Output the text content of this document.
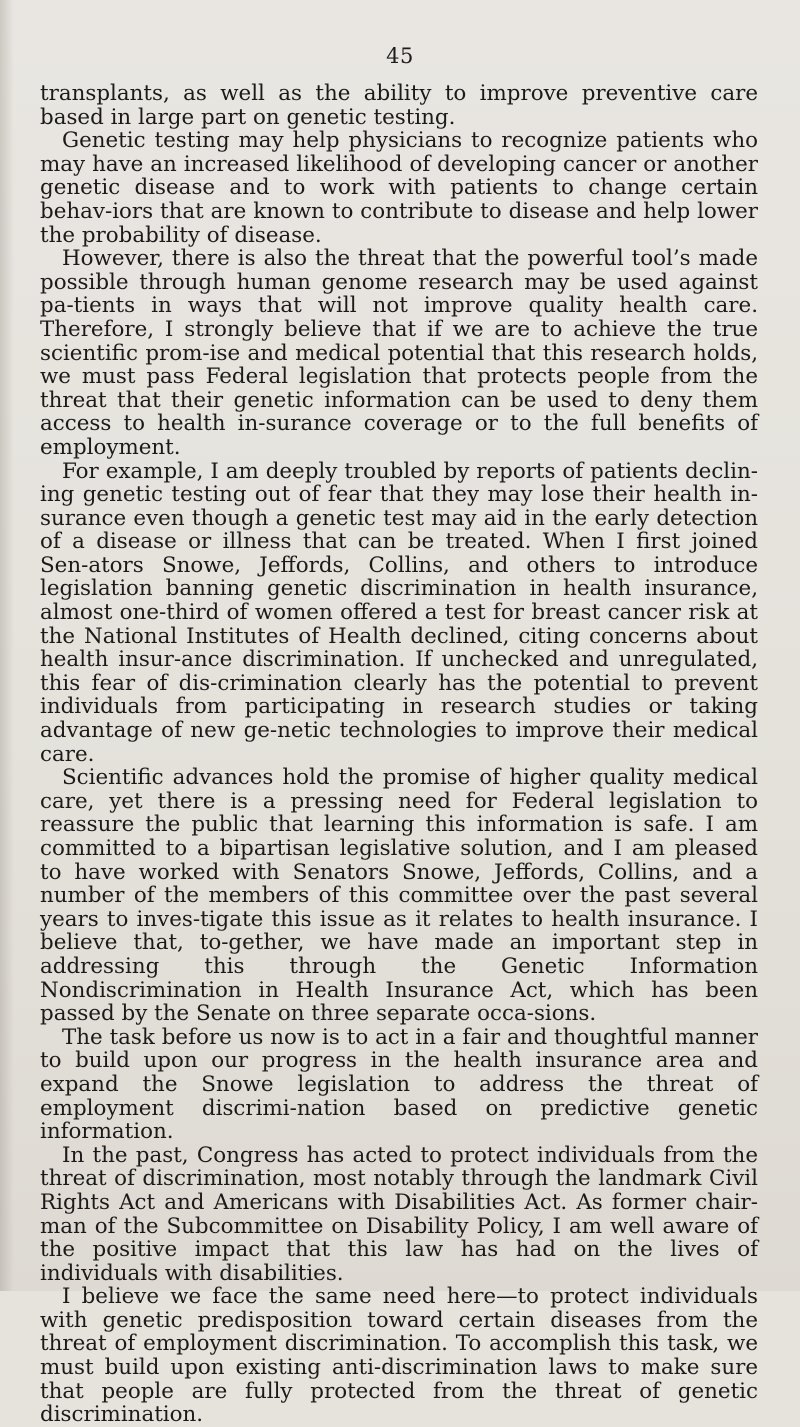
45

transplants, as well as the ability to improve preventive care based in large part on genetic testing.

Genetic testing may help physicians to recognize patients who may have an increased likelihood of developing cancer or another genetic disease and to work with patients to change certain behav-iors that are known to contribute to disease and help lower the probability of disease.

However, there is also the threat that the powerful tool’s made possible through human genome research may be used against pa-tients in ways that will not improve quality health care. Therefore, I strongly believe that if we are to achieve the true scientific prom-ise and medical potential that this research holds, we must pass Federal legislation that protects people from the threat that their genetic information can be used to deny them access to health in-surance coverage or to the full benefits of employment.

For example, I am deeply troubled by reports of patients declin-ing genetic testing out of fear that they may lose their health in-surance even though a genetic test may aid in the early detection of a disease or illness that can be treated. When I first joined Sen-ators Snowe, Jeffords, Collins, and others to introduce legislation banning genetic discrimination in health insurance, almost one-third of women offered a test for breast cancer risk at the National Institutes of Health declined, citing concerns about health insur-ance discrimination. If unchecked and unregulated, this fear of dis-crimination clearly has the potential to prevent individuals from participating in research studies or taking advantage of new ge-netic technologies to improve their medical care.

Scientific advances hold the promise of higher quality medical care, yet there is a pressing need for Federal legislation to reassure the public that learning this information is safe. I am committed to a bipartisan legislative solution, and I am pleased to have worked with Senators Snowe, Jeffords, Collins, and a number of the members of this committee over the past several years to inves-tigate this issue as it relates to health insurance. I believe that, to-gether, we have made an important step in addressing this through the Genetic Information Nondiscrimination in Health Insurance Act, which has been passed by the Senate on three separate occa-sions.

The task before us now is to act in a fair and thoughtful manner to build upon our progress in the health insurance area and expand the Snowe legislation to address the threat of employment discrimi-nation based on predictive genetic information.

In the past, Congress has acted to protect individuals from the threat of discrimination, most notably through the landmark Civil Rights Act and Americans with Disabilities Act. As former chair-man of the Subcommittee on Disability Policy, I am well aware of the positive impact that this law has had on the lives of individuals with disabilities.

I believe we face the same need here—to protect individuals with genetic predisposition toward certain diseases from the threat of employment discrimination. To accomplish this task, we must build upon existing anti-discrimination laws to make sure that people are fully protected from the threat of genetic discrimination.
